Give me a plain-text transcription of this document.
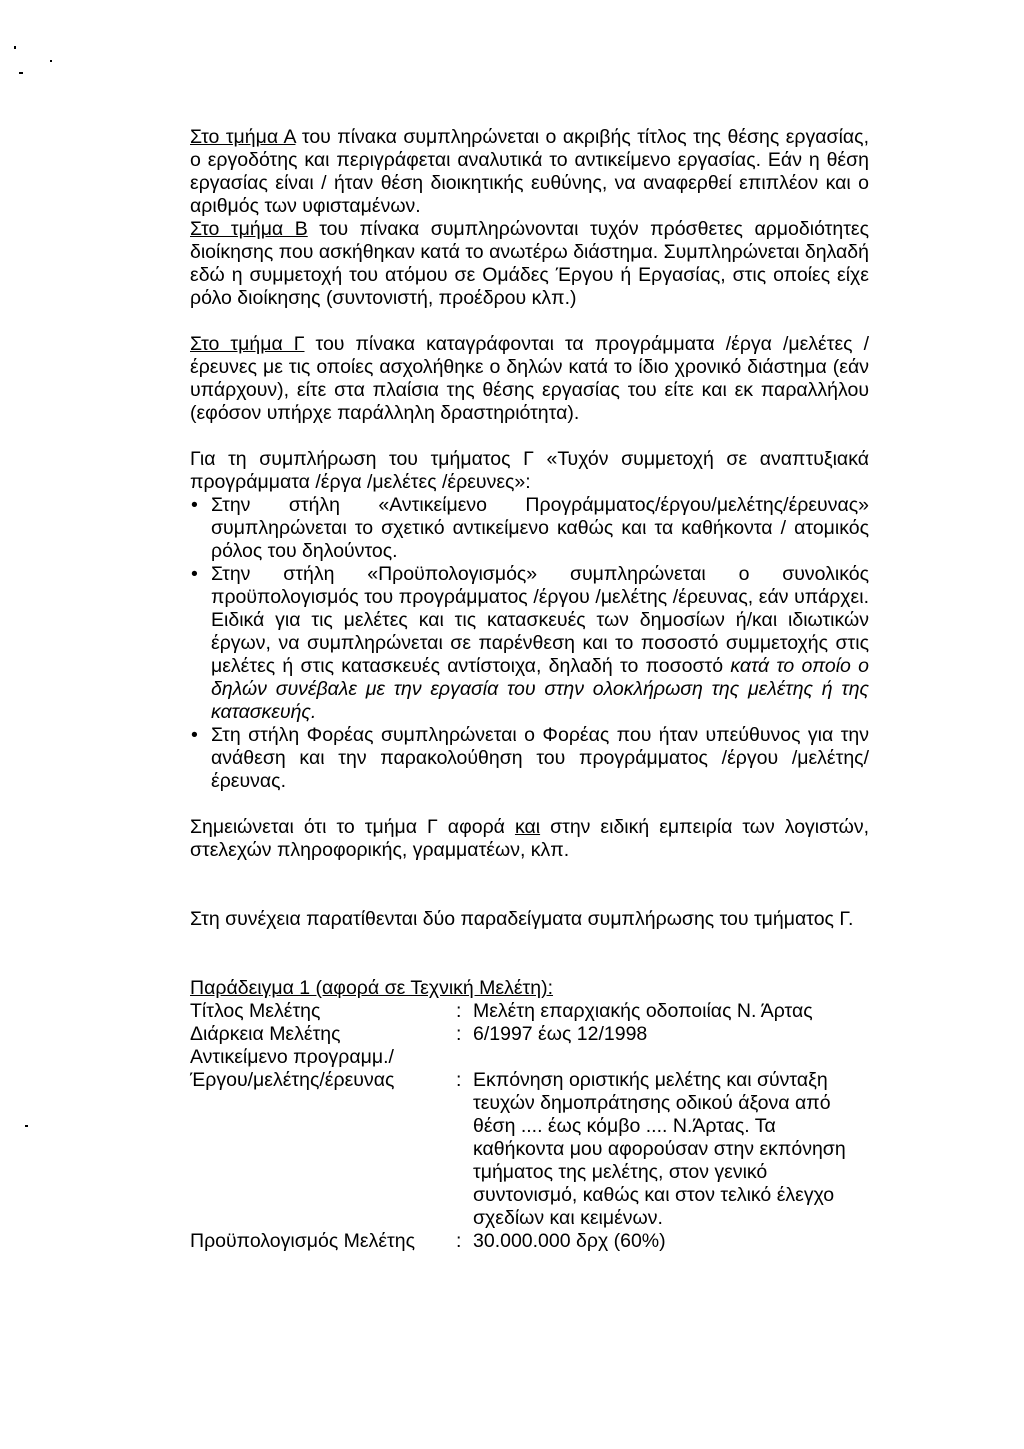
Στο τμήμα Α του πίνακα συμπληρώνεται ο ακριβής τίτλος της θέσης εργασίας, ο εργοδότης και περιγράφεται αναλυτικά το αντικείμενο εργασίας. Εάν η θέση εργασίας είναι / ήταν θέση διοικητικής ευθύνης, να αναφερθεί επιπλέον και ο αριθμός των υφισταμένων.

Στο τμήμα Β του πίνακα συμπληρώνονται τυχόν πρόσθετες αρμοδιότητες διοίκησης που ασκήθηκαν κατά το ανωτέρω διάστημα. Συμπληρώνεται δηλαδή εδώ η συμμετοχή του ατόμου σε Ομάδες Έργου ή Εργασίας, στις οποίες είχε ρόλο διοίκησης (συντονιστή, προέδρου κλπ.)

Στο τμήμα Γ του πίνακα καταγράφονται τα προγράμματα /έργα /μελέτες /έρευνες με τις οποίες ασχολήθηκε ο δηλών κατά το ίδιο χρονικό διάστημα (εάν υπάρχουν), είτε στα πλαίσια της θέσης εργασίας του είτε και εκ παραλλήλου (εφόσον υπήρχε παράλληλη δραστηριότητα).

Για τη συμπλήρωση του τμήματος Γ «Τυχόν συμμετοχή σε αναπτυξιακά προγράμματα /έργα /μελέτες /έρευνες»:

• Στην στήλη «Αντικείμενο Προγράμματος/έργου/μελέτης/έρευνας» συμπληρώνεται το σχετικό αντικείμενο καθώς και τα καθήκοντα / ατομικός ρόλος του δηλούντος.
• Στην στήλη «Προϋπολογισμός» συμπληρώνεται ο συνολικός προϋπολογισμός του προγράμματος /έργου /μελέτης /έρευνας, εάν υπάρχει. Ειδικά για τις μελέτες και τις κατασκευές των δημοσίων ή/και ιδιωτικών έργων, να συμπληρώνεται σε παρένθεση και το ποσοστό συμμετοχής στις μελέτες ή στις κατασκευές αντίστοιχα, δηλαδή το ποσοστό κατά το οποίο ο δηλών συνέβαλε με την εργασία του στην ολοκλήρωση της μελέτης ή της κατασκευής.
• Στη στήλη Φορέας συμπληρώνεται ο Φορέας που ήταν υπεύθυνος για την ανάθεση και την παρακολούθηση του προγράμματος /έργου /μελέτης/έρευνας.

Σημειώνεται ότι το τμήμα Γ αφορά και στην ειδική εμπειρία των λογιστών, στελεχών πληροφορικής, γραμματέων, κλπ.

Στη συνέχεια παρατίθενται δύο παραδείγματα συμπλήρωσης του τμήματος Γ.

Παράδειγμα 1 (αφορά σε Τεχνική Μελέτη):
Τίτλος Μελέτης	: Μελέτη επαρχιακής οδοποιίας Ν. Άρτας
Διάρκεια Μελέτης	: 6/1997 έως 12/1998
Αντικείμενο προγραμμ./
Έργου/μελέτης/έρευνας	: Εκπόνηση οριστικής μελέτης και σύνταξη τευχών δημοπράτησης οδικού άξονα από θέση .... έως κόμβο .... Ν.Άρτας. Τα καθήκοντα μου αφορούσαν στην εκπόνηση τμήματος της μελέτης, στον γενικό συντονισμό, καθώς και στον τελικό έλεγχο σχεδίων και κειμένων.
Προϋπολογισμός Μελέτης	: 30.000.000 δρχ (60%)
